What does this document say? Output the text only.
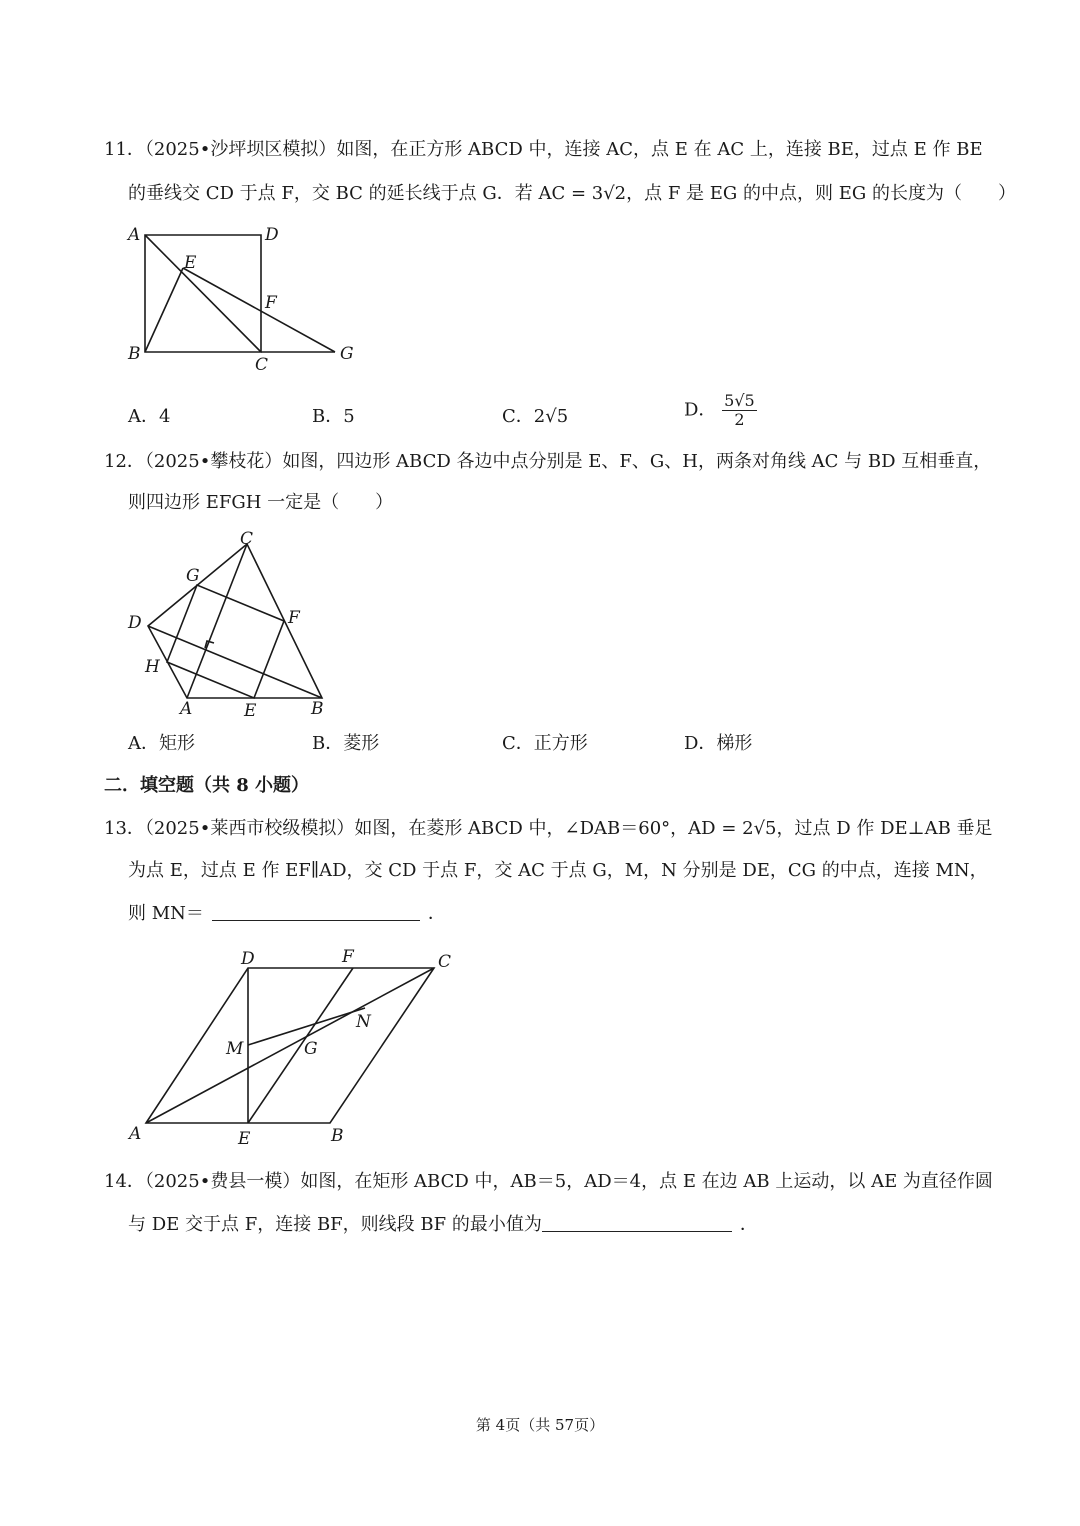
11．（2025•沙坪坝区模拟）如图，在正方形 ABCD 中，连接 AC，点 E 在 AC 上，连接 BE，过点 E 作 BE
的垂线交 CD 于点 F，交 BC 的延长线于点 G．若 AC = 3√2，点 F 是 EG 的中点，则 EG 的长度为（　　）
A	D
E
F
B
C
G
A．4	B．5	C．2√5	D． $\frac{5√5}{2}$
12．（2025•攀枝花）如图，四边形 ABCD 各边中点分别是 E、F、G、H，两条对角线 AC 与 BD 互相垂直，
则四边形 EFGH 一定是（　　）
C
G
D	F
H
A	E	B
A．矩形	B．菱形	C．正方形	D．梯形
二．填空题（共 8 小题）
13．（2025•莱西市校级模拟）如图，在菱形 ABCD 中，∠DAB＝60°，AD = 2√5，过点 D 作 DE⊥AB 垂足
为点 E，过点 E 作 EF∥AD，交 CD 于点 F，交 AC 于点 G，M，N 分别是 DE，CG 的中点，连接 MN，
则 MN＝	．
D	F	C
N
M	G
A	E	B
14．（2025•费县一模）如图，在矩形 ABCD 中，AB＝5，AD＝4，点 E 在边 AB 上运动，以 AE 为直径作圆
与 DE 交于点 F，连接 BF，则线段 BF 的最小值为	．
第 4页（共 57页）
